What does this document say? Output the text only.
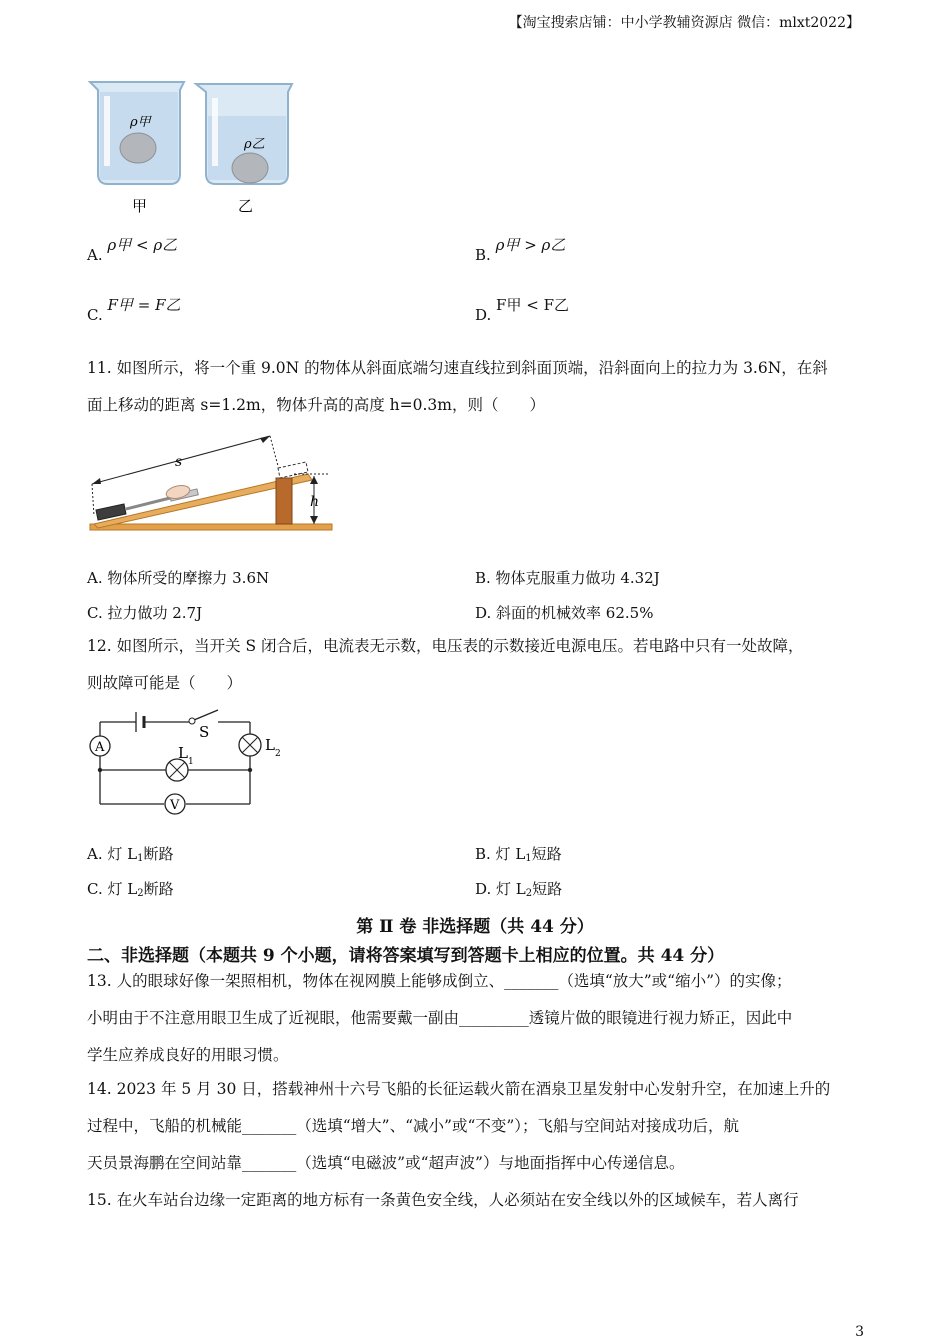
【淘宝搜索店铺：中小学教辅资源店 微信：mlxt2022】
ρ甲
ρ乙
甲	乙
A. ρ甲 < ρ乙
B. ρ甲 > ρ乙
C. F甲 = F乙
D. F甲 < F乙
11. 如图所示，将一个重 9.0N 的物体从斜面底端匀速直线拉到斜面顶端，沿斜面向上的拉力为 3.6N，在斜
面上移动的距离 s=1.2m，物体升高的高度 h=0.3m，则（　　）
s
h
A. 物体所受的摩擦力 3.6N	B. 物体克服重力做功 4.32J
C. 拉力做功 2.7J	D. 斜面的机械效率 62.5%
12. 如图所示，当开关 S 闭合后，电流表无示数，电压表的示数接近电源电压。若电路中只有一处故障，
则故障可能是（　　）
A
V
S
L 1
L 2
A. 灯 $L_1$断路	B. 灯 $L_1$短路
C. 灯 $L_2$断路	D. 灯 $L_2$短路
第 Ⅱ 卷 非选择题（共 44 分）
二、非选择题（本题共 9 个小题，请将答案填写到答题卡上相应的位置。共 44 分）
13. 人的眼球好像一架照相机，物体在视网膜上能够成倒立、_______（选填“放大”或“缩小”）的实像；
小明由于不注意用眼卫生成了近视眼，他需要戴一副由_________透镜片做的眼镜进行视力矫正，因此中
学生应养成良好的用眼习惯。
14. 2023 年 5 月 30 日，搭载神州十六号飞船的长征运载火箭在酒泉卫星发射中心发射升空，在加速上升的
过程中，飞船的机械能_______（选填“增大”、“减小”或“不变”）；飞船与空间站对接成功后，航
天员景海鹏在空间站靠_______（选填“电磁波”或“超声波”）与地面指挥中心传递信息。
15. 在火车站台边缘一定距离的地方标有一条黄色安全线，人必须站在安全线以外的区域候车，若人离行
3
